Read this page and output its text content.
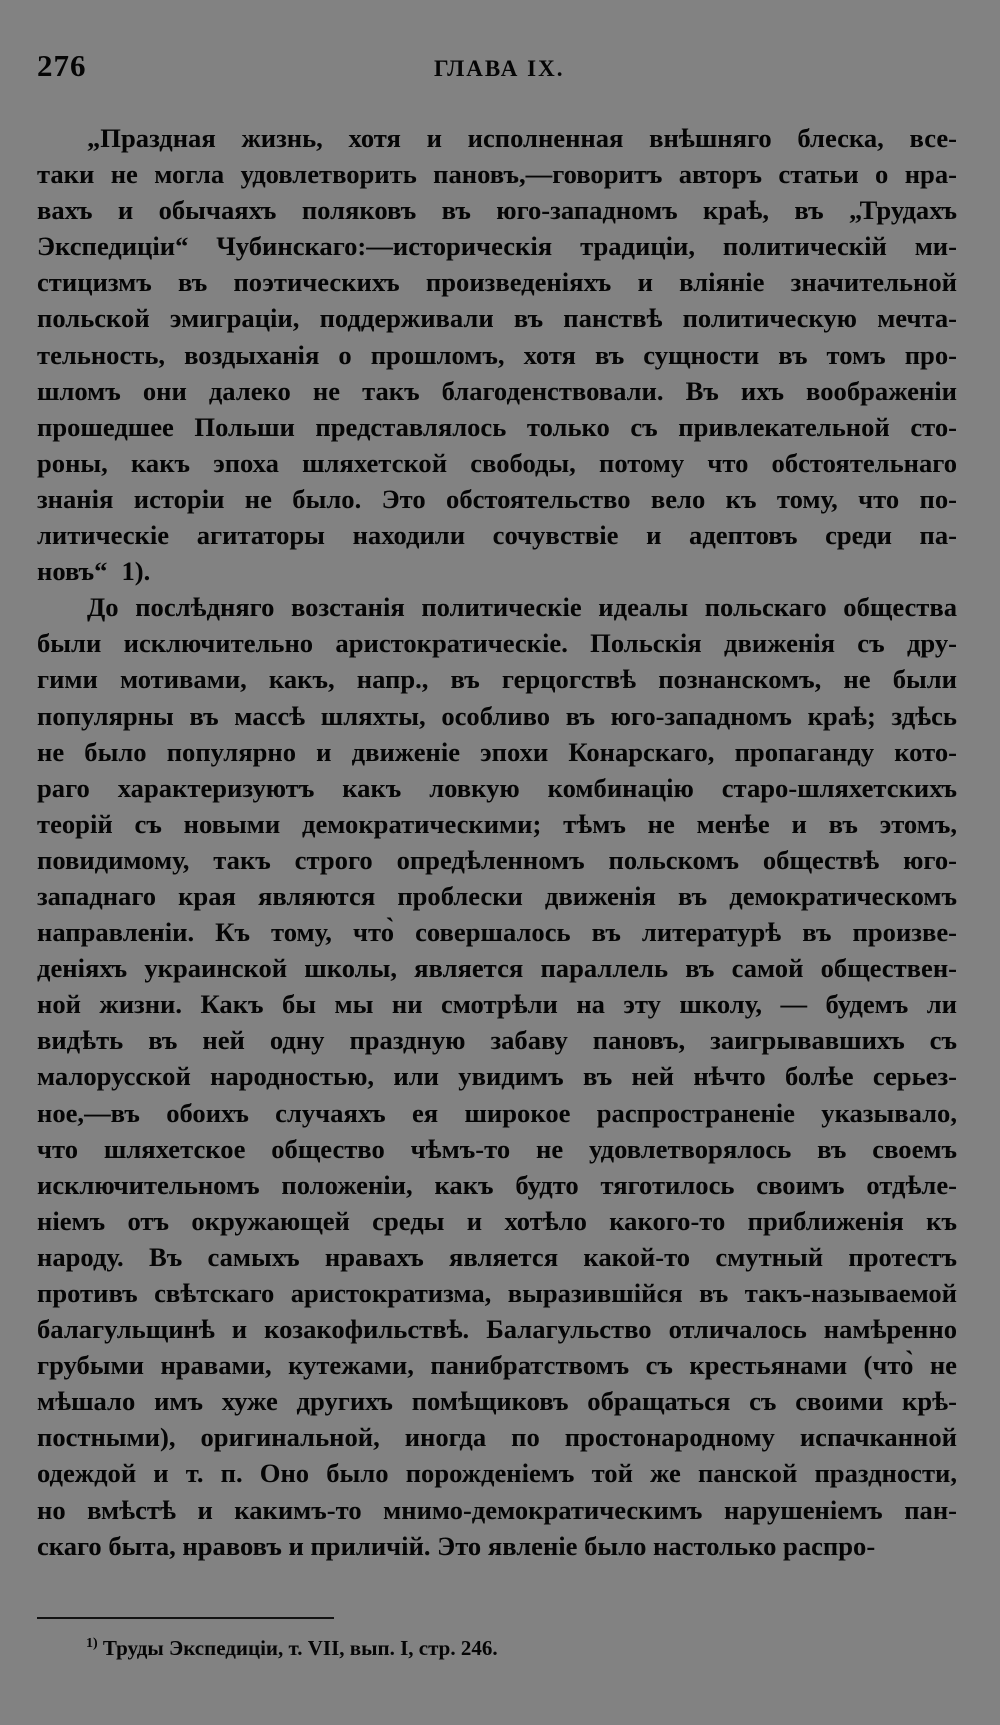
276	ГЛАВА IX.
„Праздная жизнь, хотя и исполненная внѣшняго блеска, все-
таки не могла удовлетворить пановъ,—говоритъ авторъ статьи о нра-
вахъ и обычаяхъ поляковъ въ юго-западномъ краѣ, въ „Трудахъ
Экспедиціи“ Чубинскаго:—историческія традиціи, политическій ми-
стицизмъ въ поэтическихъ произведеніяхъ и вліяніе значительной
польской эмиграціи, поддерживали въ панствѣ политическую мечта-
тельность, воздыханія о прошломъ, хотя въ сущности въ томъ про-
шломъ они далеко не такъ благоденствовали. Въ ихъ воображеніи
прошедшее Польши представлялось только съ привлекательной сто-
роны, какъ эпоха шляхетской свободы, потому что обстоятельнаго
знанія исторіи не было. Это обстоятельство вело къ тому, что по-
литическіе агитаторы находили сочувствіе и адептовъ среди па-
новъ“ 1).
До послѣдняго возстанія политическіе идеалы польскаго общества
были исключительно аристократическіе. Польскія движенія съ дру-
гими мотивами, какъ, напр., въ герцогствѣ познанскомъ, не были
популярны въ массѣ шляхты, особливо въ юго-западномъ краѣ; здѣсь
не было популярно и движеніе эпохи Конарскаго, пропаганду кото-
раго характеризуютъ какъ ловкую комбинацію старо-шляхетскихъ
теорій съ новыми демократическими; тѣмъ не менѣе и въ этомъ,
повидимому, такъ строго опредѣленномъ польскомъ обществѣ юго-
западнаго края являются проблески движенія въ демократическомъ
направленіи. Къ тому, что̀ совершалось въ литературѣ въ произве-
деніяхъ украинской школы, является параллель въ самой обществен-
ной жизни. Какъ бы мы ни смотрѣли на эту школу, — будемъ ли
видѣть въ ней одну праздную забаву пановъ, заигрывавшихъ съ
малорусской народностью, или увидимъ въ ней нѣчто болѣе серьез-
ное,—въ обоихъ случаяхъ ея широкое распространеніе указывало,
что шляхетское общество чѣмъ-то не удовлетворялось въ своемъ
исключительномъ положеніи, какъ будто тяготилось своимъ отдѣле-
ніемъ отъ окружающей среды и хотѣло какого-то приближенія къ
народу. Въ самыхъ нравахъ является какой-то смутный протестъ
противъ свѣтскаго аристократизма, выразившійся въ такъ-называемой
балагульщинѣ и козакофильствѣ. Балагульство отличалось намѣренно
грубыми нравами, кутежами, панибратствомъ съ крестьянами (что̀ не
мѣшало имъ хуже другихъ помѣщиковъ обращаться съ своими крѣ-
постными), оригинальной, иногда по простонародному испачканной
одеждой и т. п. Оно было порожденіемъ той же панской праздности,
но вмѣстѣ и какимъ-то мнимо-демократическимъ нарушеніемъ пан-
скаго быта, нравовъ и приличій. Это явленіе было настолько распро-
$^{1)}$ Труды Экспедиціи, т. VII, вып. I, стр. 246.
